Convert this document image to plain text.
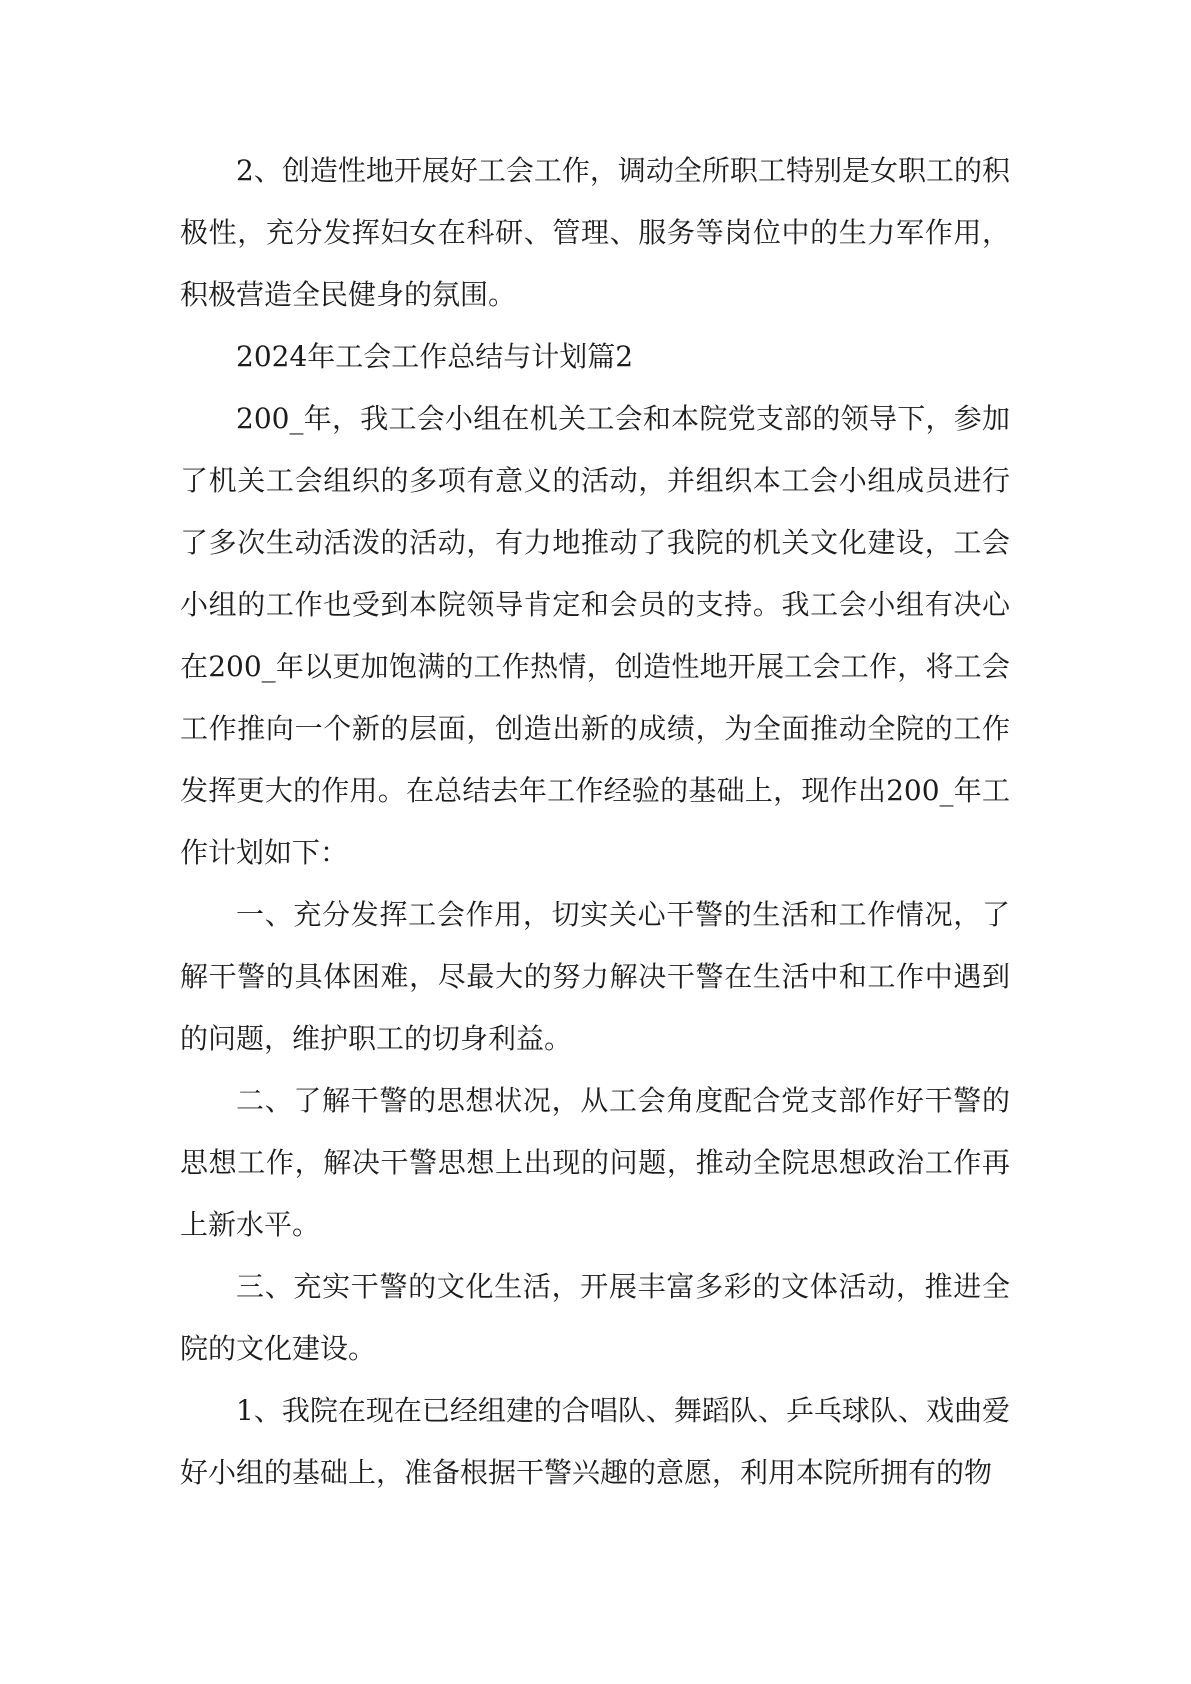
2、创造性地开展好工会工作，调动全所职工特别是女职工的积极性，充分发挥妇女在科研、管理、服务等岗位中的生力军作用，积极营造全民健身的氛围。

2024年工会工作总结与计划篇2

200_年，我工会小组在机关工会和本院党支部的领导下，参加了机关工会组织的多项有意义的活动，并组织本工会小组成员进行了多次生动活泼的活动，有力地推动了我院的机关文化建设，工会小组的工作也受到本院领导肯定和会员的支持。我工会小组有决心在200_年以更加饱满的工作热情，创造性地开展工会工作，将工会工作推向一个新的层面，创造出新的成绩，为全面推动全院的工作发挥更大的作用。在总结去年工作经验的基础上，现作出200_年工作计划如下：

一、充分发挥工会作用，切实关心干警的生活和工作情况，了解干警的具体困难，尽最大的努力解决干警在生活中和工作中遇到的问题，维护职工的切身利益。

二、了解干警的思想状况，从工会角度配合党支部作好干警的思想工作，解决干警思想上出现的问题，推动全院思想政治工作再上新水平。

三、充实干警的文化生活，开展丰富多彩的文体活动，推进全院的文化建设。

1、我院在现在已经组建的合唱队、舞蹈队、乒乓球队、戏曲爱好小组的基础上，准备根据干警兴趣的意愿，利用本院所拥有的物
